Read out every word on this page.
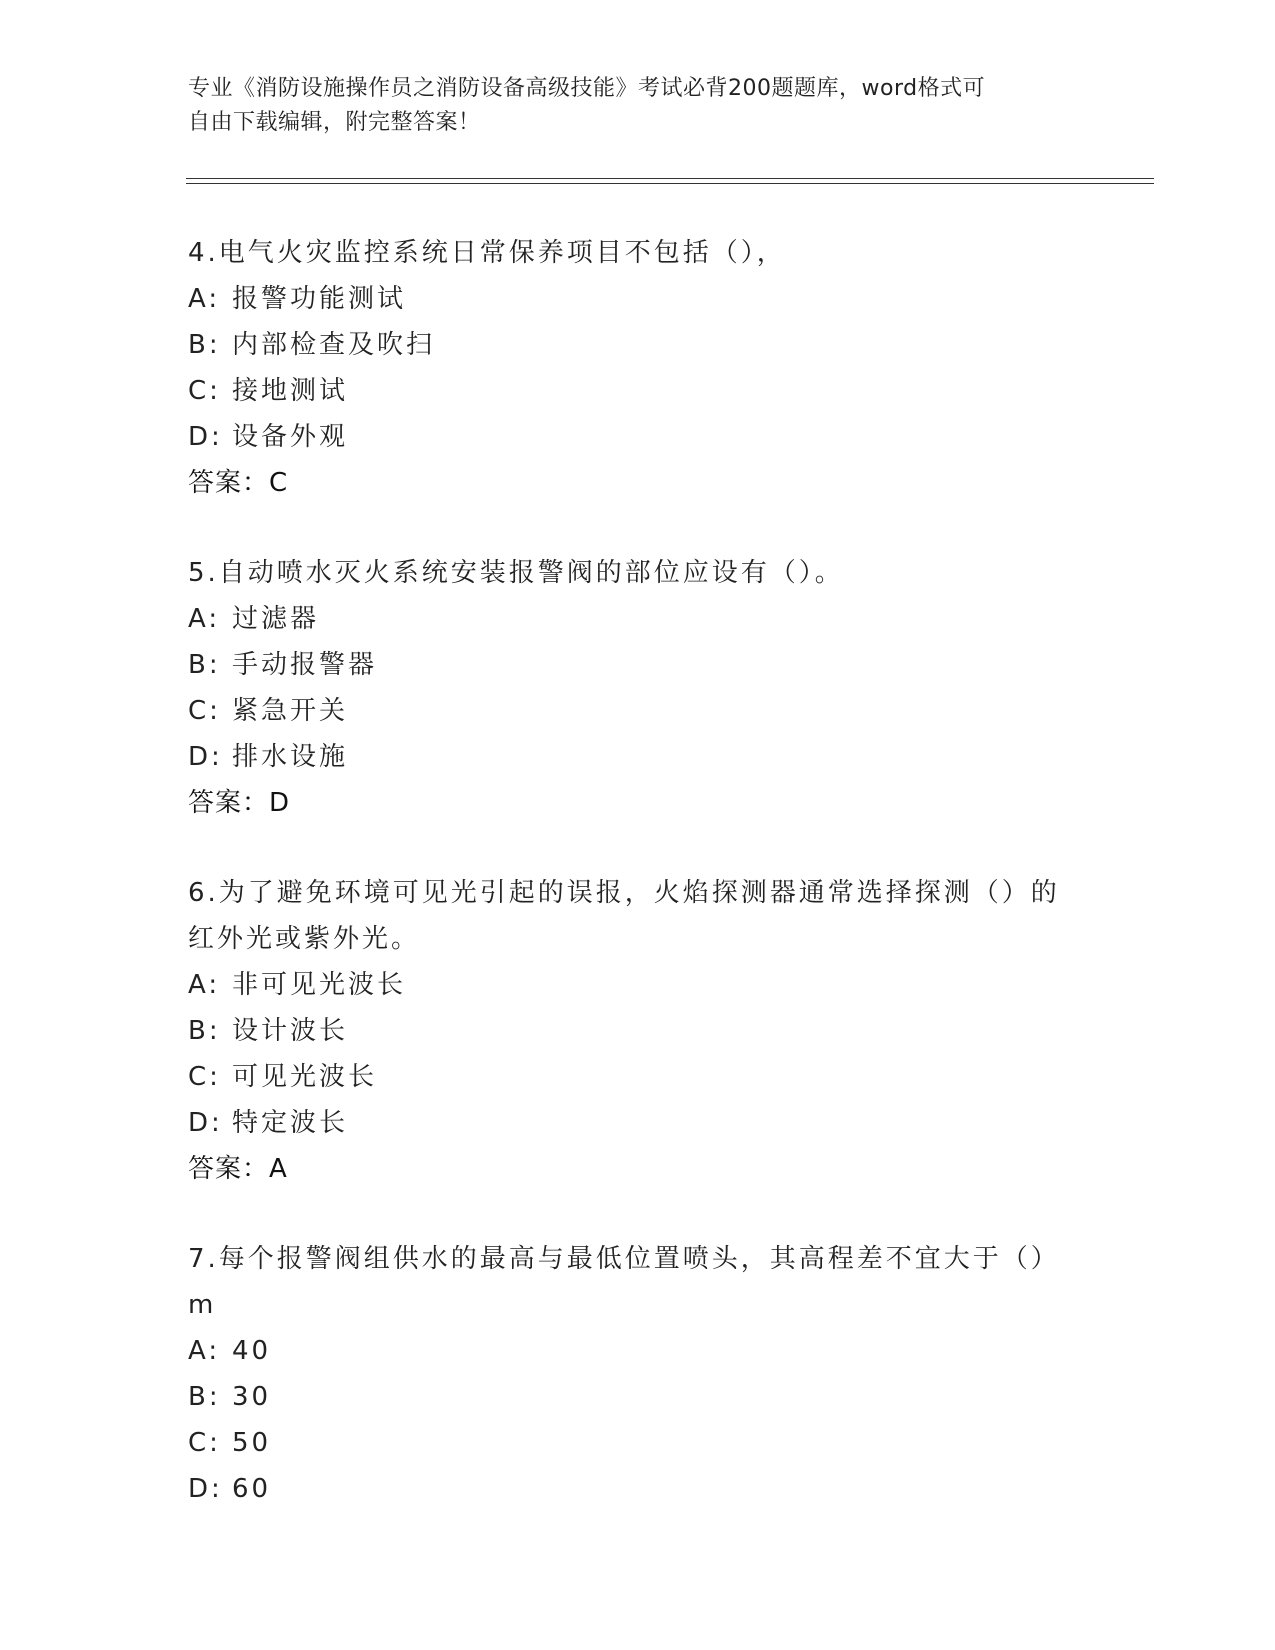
专业《消防设施操作员之消防设备高级技能》考试必背200题题库，word格式可
自由下载编辑，附完整答案！
4.电气火灾监控系统日常保养项目不包括（），
A: 报警功能测试
B: 内部检查及吹扫
C: 接地测试
D: 设备外观
答案：C
5.自动喷水灭火系统安装报警阀的部位应设有（）。
A: 过滤器
B: 手动报警器
C: 紧急开关
D: 排水设施
答案：D
6.为了避免环境可见光引起的误报，火焰探测器通常选择探测（）的
红外光或紫外光。
A: 非可见光波长
B: 设计波长
C: 可见光波长
D: 特定波长
答案：A
7.每个报警阀组供水的最高与最低位置喷头，其高程差不宜大于（）m
A: 40
B: 30
C: 50
D: 60
